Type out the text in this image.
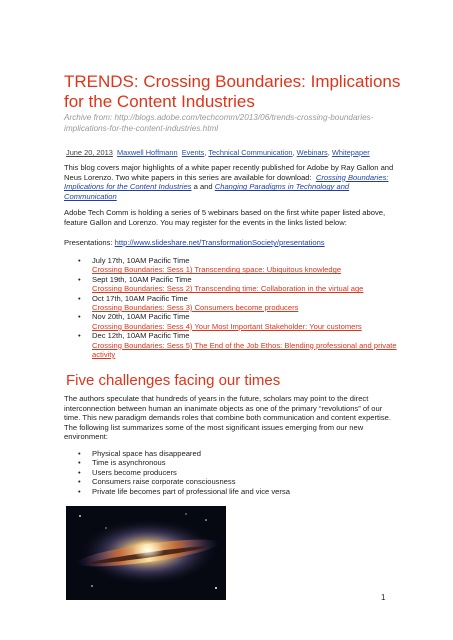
TRENDS: Crossing Boundaries: Implications for the Content Industries
Archive from: http://blogs.adobe.com/techcomm/2013/06/trends-crossing-boundaries-implications-for-the-content-industries.html
June 20, 2013 Maxwell Hoffmann Events, Technical Communication, Webinars, Whitepaper
This blog covers major highlights of a white paper recently published for Adobe by Ray Gallon and Neus Lorenzo. Two white papers in this series are available for download: Crossing Boundaries: Implications for the Content Industries a and Changing Paradigms in Technology and Communication
Adobe Tech Comm is holding a series of 5 webinars based on the first white paper listed above, feature Gallon and Lorenzo. You may register for the events in the links listed below:
Presentations: http://www.slideshare.net/TransformationSociety/presentations
• July 17th, 10AM Pacific Time
Crossing Boundaries: Sess 1) Transcending space: Ubiquitous knowledge
• Sept 19th, 10AM Pacific Time
Crossing Boundaries: Sess 2) Transcending time: Collaboration in the virtual age
• Oct 17th, 10AM Pacific Time
Crossing Boundaries: Sess 3) Consumers become producers
• Nov 20th, 10AM Pacific Time
Crossing Boundaries: Sess 4) Your Most Important Stakeholder: Your customers
• Dec 12th, 10AM Pacific Time
Crossing Boundaries: Sess 5) The End of the Job Ethos: Blending professional and private activity
Five challenges facing our times
The authors speculate that hundreds of years in the future, scholars may point to the direct interconnection between human an inanimate objects as one of the primary “revolutions” of our time. This new paradigm demands roles that combine both communication and content expertise. The following list summarizes some of the most significant issues emerging from our new environment:
• Physical space has disappeared
• Time is asynchronous
• Users become producers
• Consumers raise corporate consciousness
• Private life becomes part of professional life and vice versa
1
